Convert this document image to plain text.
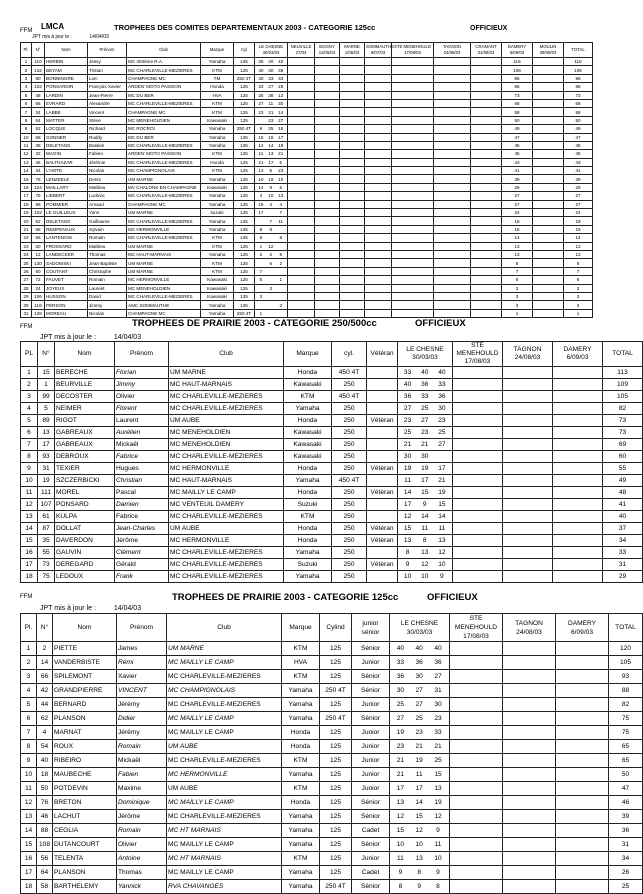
FFM LMCA	TROPHEES DES COMITES DEPARTEMENTAUX 2003 - CATEGORIE 125cc	OFFICIEUX
JPT mis à jour le :	14/04/03
Pl.	N°	Nom	Prénom	Club	Marque	Cyl	LE CHESNE 30/03/03	NEUVILLE 27/04	BOGNY 11/05/03	MARNE 1/06/03	SOMMAUTHE 6/07/03	STE MENEHOULD 17/08/03	TAGNON 24/08/03	CRAMANT 31/08/03	DAMERY 6/09/03	MOULIN 28/09/03	TOTAL
1	110	HERBIN	Jessy	MC 403ème R.A.	Yamaha	125	36 40 40								116		116
2	132	BEYAM	Tristan	MC CHARLEVILLE-MEZIERES	KTM	125	40 30 36								106		106
3	90	BONNINGRE	Loïc	CHAMPAGNE MC	TM	250 4T	30 33 33								96		96
4	102	PONSARDIN	François Xavier	ARDEN' MOTO PASSION	Honda	125	33 27 25								85		85
5	48	LARDIN	Jean-Pierre	MC DU BER	HVA	125	25 36 12								73		73
6	66	EVRARD	Alexandre	MC CHARLEVILLE-MEZIERES	KTM	125	27 11 30								68		68
7	34	LABBE	Vincent	CHAMPAGNE MC	KTM	125	23 21 14								58		58
8	64	MATTER	Stève	MC MENEHOLDIEN	Kawasaki	125	23 27								50		50
9	82	LOCQUE	Richard	MC ROCROI	Yamaha	250 4T	9 25 15								49		49
10	58	GONNER	Ruddy	MC DU BER	Yamaha	125	15 15 17								47		47
11	38	DELETANG	Bastien	MC CHARLEVILLE-MEZIERES	Yamaha	125	12 14 19								45		45
12	32	MAGIN	Fabien	ARDEN' MOTO PASSION	KTM	125	11 13 21								45		45
13	46	BALTHAZAR	Jérémie	MC CHARLEVILLE-MEZIERES	Honda	125	21 17 5								43		43
14	34	L'HOTE	Nicolas	MC CHAMPIGNOLAIS	KTM	125	13 5 23								41		41
15	76	LENZEELE	Denis	UM MARNE	Yamaha	125	10 19 10								39		39
16	124	MAILLART	Mathieu	MV CHALONS EN CHAMPAGNE	Kawasaki	125	14 9 6								29		29
17	75	LIEBERT	Ludovic	MC CHARLEVILLE-MEZIERES	Yamaha	125	4 10 13								27		27
18	96	POMMIER	Arnaud	CHAMPAGNE MC	Yamaha	125	19 4 4								27		27
19	102	LE GUILLEUX	Yann	UM MARNE	suzuki	125	17 7								24		24
20	52	DELETANG	Guillaume	MC CHARLEVILLE-MEZIERES	Yamaha	125	7 11								18		18
21	68	REMPENAUX	Sylvain	MC HERMONVILLE	Yamaha	125	8 8								16		16
22	56	LANTENOIS	Romain	MC CHARLEVILLE-MEZIERES	KTM	125	6 8								14		14
23	50	FROSSARD	Mathieu	UM MARNE	KTM	125	1 12								13		13
24	12	LANDECKER	Thomas	MC HAUT-MARNAIS	Yamaha	125	2 2 9								13		13
25	130	SADOWSKI	Jean-Baptiste	UM MARNE	KTM	125	6 2								8		8
26	60	COUTANT	Christophe	UM MARNE	KTM	125	7								7		7
27	72	FAUVET	Romain	MC HERMONVILLE	Kawasaki	125	5 1								6		6
28	24	JOYEUX	Laurent	MC MENEHOLDIEN	Kawasaki	125	3								3		3
29	106	HUSSON	David	MC CHARLEVILLE-MEZIERES	Kawasaki	125	3								3		3
30	116	PERSON	Jimmy	AMC SOMMAUTHE	Yamaha	125	3								3		3
31	128	MOREAU	Nicolas	CHAMPAGNE MC	Yamaha	250 4T	1								1		1
FFM	TROPHEES DE PRAIRIE 2003 - CATEGORIE 250/500cc	OFFICIEUX
JPT mis à jour le :	14/04/03
PL	N°	Nom	Prénom	Club	Marque	cyl.	Vétéran	LE CHESNE 30/03/03	STE MENEHOULD 17/08/03	TAGNON 24/08/03	DAMERY 6/09/03	TOTAL
1	15	BERECHE	Florian	UM MARNE	Honda	450 4T		33 40 40				113
2	1	BEURVILLE	Jimmy	MC HAUT-MARNAIS	Kawasaki	250		40 36 33				109
3	99	DECOSTER	Olivier	MC CHARLEVILLE-MEZIERES	KTM	450 4T		36 33 36				105
4	5	NEIMER	Florent	MC CHARLEVILLE-MEZIERES	Yamaha	250		27 25 30				82
5	89	RIGOT	Laurent	UM AUBE	Honda	250	Vétéran	23 27 23				73
6	13	GABREAUX	Aurélien	MC MENEHOLDIEN	Kawasaki	250		25 23 25				73
7	17	GABREAUX	Mickaël	MC MENEHOLDIEN	Kawasaki	250		21 21 27				69
8	93	DEBROUX	Fabrice	MC CHARLEVILLE-MEZIERES	Kawasaki	250		30 30				60
9	31	TEXIER	Hugues	MC HERMONVILLE	Honda	250	Vétéran	19 19 17				55
10	19	SZCZERBICKI	Christian	MC HAUT-MARNAIS	Yamaha	450 4T		11 17 21				49
11	111	MOREL	Pascal	MC MAILLY LE CAMP	Honda	250	Vétéran	14 15 19				48
12	107	PONSARD	Damien	MC VENTEUIL DAMERY	Suzuki	250		17 9 15				41
13	61	KULPA	Fabrice	MC CHARLEVILLE-MEZIERES	KTM	250		12 14 14				40
14	87	DOLLAT	Jean-Charles	UM AUBE	Honda	250	Vétéran	15 11 11				37
15	35	DAVERDON	Jérôme	MC HERMONVILLE	Honda	250	Vétéran	13 8 13				34
16	55	GAUVIN	Clément	MC CHARLEVILLE-MEZIERES	Yamaha	250		8 13 12				33
17	73	DEREGARD	Gérald	MC CHARLEVILLE-MEZIERES	Suzuki	250	Vétéran	9 12 10				31
18	75	LEDOUX	Frank	MC CHARLEVILLE-MEZIERES	Yamaha	250		10 10 9				29
FFM	TROPHEES DE PRAIRIE 2003 - CATEGORIE 125cc	OFFICIEUX
JPT mis à jour le :	14/04/03
Pl.	N°	Nom	Prénom	Club	Marque	Cylind	junior sénior	LE CHESNE 30/03/03	STE MENEHOULD 17/08/03	TAGNON 24/08/03	DAMERY 6/09/03	TOTAL
1	2	PIETTE	James	UM MARNE	KTM	125	Sénior	40 40 40				120
2	14	VANDERBISTE	Rémi	MC MAILLY LE CAMP	HVA	125	Junior	33 36 36				105
3	66	SPILEMONT	Xavier	MC CHARLEVILLE-MEZIERES	KTM	125	Sénior	36 30 27				93
4	42	GRANDPIERRE	VINCENT	MC CHAMPIGNOLAIS	Yamaha	250 4T	Sénior	30 27 31				88
5	44	BERNARD	Jérémy	MC CHARLEVILLE-MEZIERES	Yamaha	125	Junior	25 27 30				82
6	62	PLANSON	Didier	MC MAILLY LE CAMP	Yamaha	250 4T	Sénior	27 25 23				75
7	4	MARNAT	Jérémy	MC MAILLY LE CAMP	Honda	125	Junior	19 23 33				75
8	54	ROUX	Romain	UM AUBE	Honda	125	Junior	23 21 21				65
9	40	RIBEIRO	Mickaël	MC CHARLEVILLE-MEZIERES	KTM	125	Junior	21 19 25				65
10	18	MAUBECHE	Fabien	MC HERMONVILLE	Yamaha	125	Junior	21 11 15				50
11	50	POTDEVIN	Maxime	UM AUBE	KTM	125	Junior	17 17 13				47
12	76	BRETON	Dominique	MC MAILLY LE CAMP	Honda	125	Sénior	13 14 19				46
13	46	LACHUT	Jérôme	MC CHARLEVILLE-MEZIERES	Yamaha	125	Sénior	12 15 12				39
14	88	CEGLIA	Romain	MC HT MARNAIS	Yamaha	125	Cadet	15 12 9				36
15	108	DUTANCOURT	Olivier	MC MAILLY LE CAMP	Yamaha	125	Sénior	10 10 11				31
16	56	TELENTA	Antoine	MC HT MARNAIS	KTM	125	Junior	11 13 10				34
17	64	PLANSON	Thomas	MC MAILLY LE CAMP	Yamaha	125	Cadet	9 8 9				26
18	58	BARTHELEMY	Yannick	RVA CHAVANGES	Yamaha	250 4T	Sénior	8 9 8				25
